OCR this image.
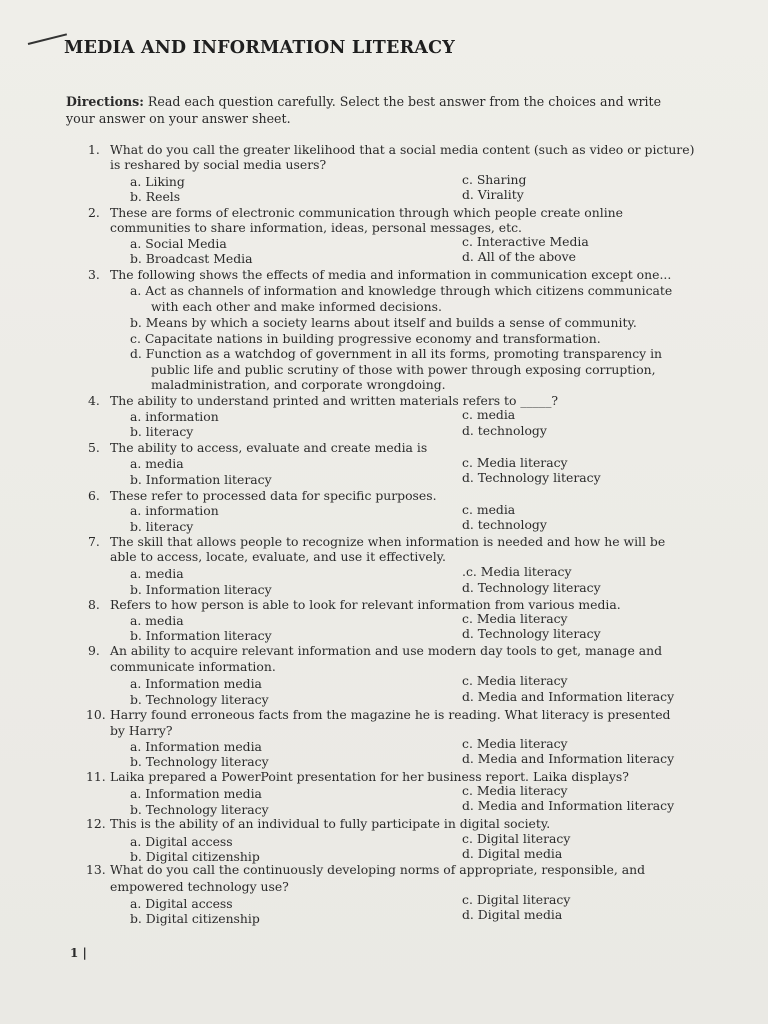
MEDIA AND INFORMATION LITERACY
Directions: Read each question carefully. Select the best answer from the choices and write your answer on your answer sheet.
1. What do you call the greater likelihood that a social media content (such as video or picture)
is reshared by social media users?
a. Liking	c. Sharing
b. Reels	d. Virality
2. These are forms of electronic communication through which people create online
communities to share information, ideas, personal messages, etc.
a. Social Media	c. Interactive Media
b. Broadcast Media	d. All of the above
3. The following shows the effects of media and information in communication except one...
a. Act as channels of information and knowledge through which citizens communicate
with each other and make informed decisions.
b. Means by which a society learns about itself and builds a sense of community.
c. Capacitate nations in building progressive economy and transformation.
d. Function as a watchdog of government in all its forms, promoting transparency in
public life and public scrutiny of those with power through exposing corruption,
maladministration, and corporate wrongdoing.
4. The ability to understand printed and written materials refers to _____?
a. information	c. media
b. literacy	d. technology
5. The ability to access, evaluate and create media is
a. media	c. Media literacy
b. Information literacy	d. Technology literacy
6. These refer to processed data for specific purposes.
a. information	c. media
b. literacy	d. technology
7. The skill that allows people to recognize when information is needed and how he will be
able to access, locate, evaluate, and use it effectively.
a. media	.c. Media literacy
b. Information literacy	d. Technology literacy
8. Refers to how person is able to look for relevant information from various media.
a. media	c. Media literacy
b. Information literacy	d. Technology literacy
9. An ability to acquire relevant information and use modern day tools to get, manage and
communicate information.
a. Information media	c. Media literacy
b. Technology literacy	d. Media and Information literacy
10. Harry found erroneous facts from the magazine he is reading. What literacy is presented
by Harry?
a. Information media	c. Media literacy
b. Technology literacy	d. Media and Information literacy
11. Laika prepared a PowerPoint presentation for her business report. Laika displays?
a. Information media	c. Media literacy
b. Technology literacy	d. Media and Information literacy
12. This is the ability of an individual to fully participate in digital society.
a. Digital access	c. Digital literacy
b. Digital citizenship	d. Digital media
13. What do you call the continuously developing norms of appropriate, responsible, and
empowered technology use?
a. Digital access	c. Digital literacy
b. Digital citizenship	d. Digital media
1 |
